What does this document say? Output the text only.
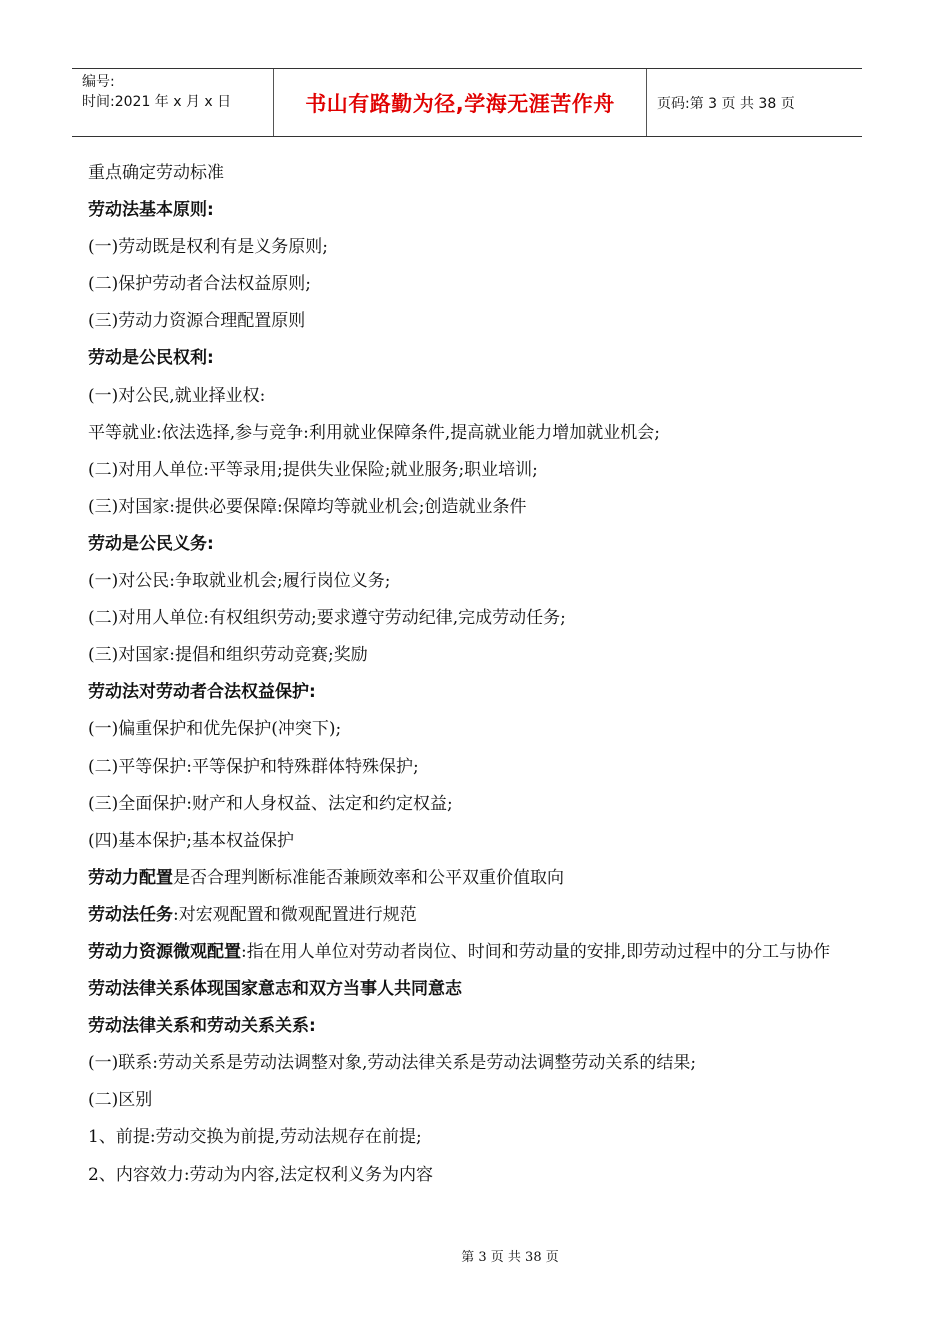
编号:
时间:2021 年 x 月 x 日	书山有路勤为径,学海无涯苦作舟	页码:第 3 页 共 38 页
重点确定劳动标准
劳动法基本原则:
(一)劳动既是权利有是义务原则;
(二)保护劳动者合法权益原则;
(三)劳动力资源合理配置原则
劳动是公民权利:
(一)对公民,就业择业权:
平等就业:依法选择,参与竞争:利用就业保障条件,提高就业能力增加就业机会;
(二)对用人单位:平等录用;提供失业保险;就业服务;职业培训;
(三)对国家:提供必要保障:保障均等就业机会;创造就业条件
劳动是公民义务:
(一)对公民:争取就业机会;履行岗位义务;
(二)对用人单位:有权组织劳动;要求遵守劳动纪律,完成劳动任务;
(三)对国家:提倡和组织劳动竞赛;奖励
劳动法对劳动者合法权益保护:
(一)偏重保护和优先保护(冲突下);
(二)平等保护:平等保护和特殊群体特殊保护;
(三)全面保护:财产和人身权益、法定和约定权益;
(四)基本保护;基本权益保护
劳动力配置是否合理判断标准能否兼顾效率和公平双重价值取向
劳动法任务:对宏观配置和微观配置进行规范
劳动力资源微观配置:指在用人单位对劳动者岗位、时间和劳动量的安排,即劳动过程中的分工与协作
劳动法律关系体现国家意志和双方当事人共同意志
劳动法律关系和劳动关系关系:
(一)联系:劳动关系是劳动法调整对象,劳动法律关系是劳动法调整劳动关系的结果;
(二)区别
1、前提:劳动交换为前提,劳动法规存在前提;
2、内容效力:劳动为内容,法定权利义务为内容
第 3 页 共 38 页
